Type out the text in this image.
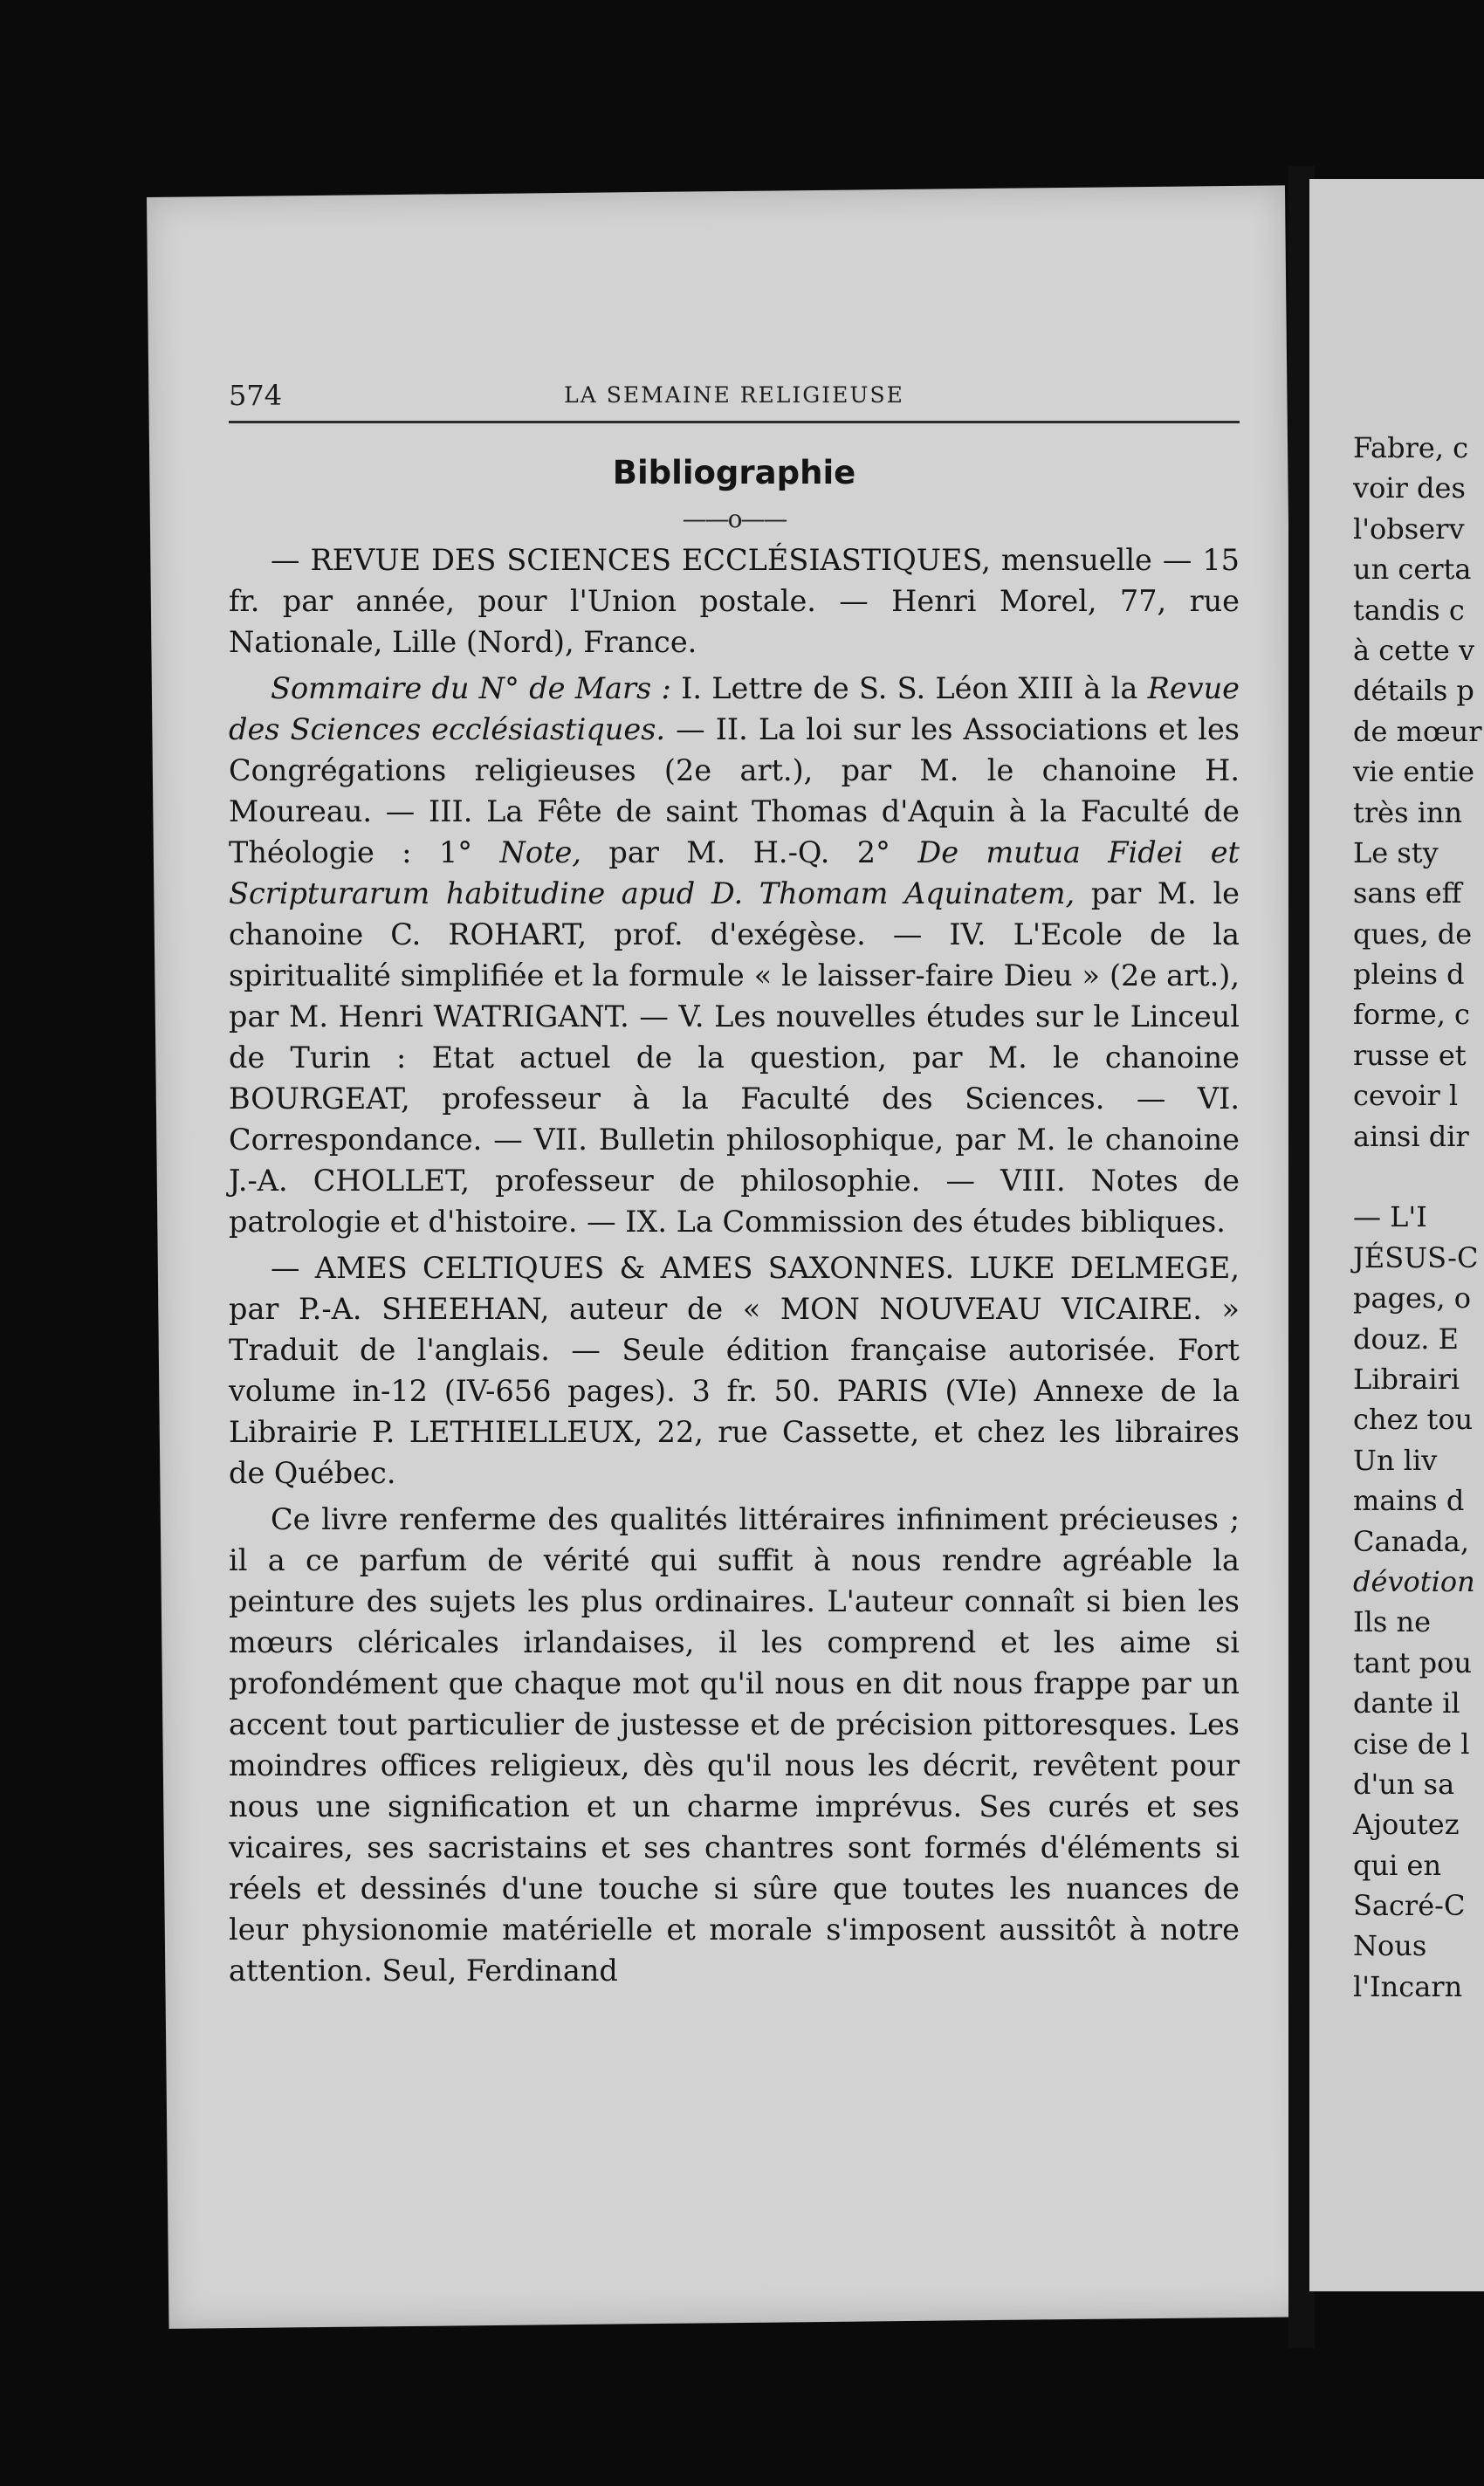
574	LA SEMAINE RELIGIEUSE
Bibliographie
——o——

— REVUE DES SCIENCES ECCLÉSIASTIQUES, mensuelle — 15 fr. par année, pour l'Union postale. — Henri Morel, 77, rue Nationale, Lille (Nord), France.

Sommaire du N° de Mars : I. Lettre de S. S. Léon XIII à la Revue des Sciences ecclésiastiques. — II. La loi sur les Associations et les Congrégations religieuses (2e art.), par M. le chanoine H. Moureau. — III. La Fête de saint Thomas d'Aquin à la Faculté de Théologie : 1° Note, par M. H.-Q. 2° De mutua Fidei et Scripturarum habitudine apud D. Thomam Aquinatem, par M. le chanoine C. ROHART, prof. d'exégèse. — IV. L'Ecole de la spiritualité simplifiée et la formule « le laisser-faire Dieu » (2e art.), par M. Henri WATRIGANT. — V. Les nouvelles études sur le Linceul de Turin : Etat actuel de la question, par M. le chanoine BOURGEAT, professeur à la Faculté des Sciences. — VI. Correspondance. — VII. Bulletin philosophique, par M. le chanoine J.-A. CHOLLET, professeur de philosophie. — VIII. Notes de patrologie et d'histoire. — IX. La Commission des études bibliques.

— AMES CELTIQUES & AMES SAXONNES. LUKE DELMEGE, par P.-A. SHEEHAN, auteur de « MON NOUVEAU VICAIRE. » Traduit de l'anglais. — Seule édition française autorisée. Fort volume in-12 (IV-656 pages). 3 fr. 50. PARIS (VIe) Annexe de la Librairie P. LETHIELLEUX, 22, rue Cassette, et chez les libraires de Québec.

Ce livre renferme des qualités littéraires infiniment précieuses ; il a ce parfum de vérité qui suffit à nous rendre agréable la peinture des sujets les plus ordinaires. L'auteur connaît si bien les mœurs cléricales irlandaises, il les comprend et les aime si profondément que chaque mot qu'il nous en dit nous frappe par un accent tout particulier de justesse et de précision pittoresques. Les moindres offices religieux, dès qu'il nous les décrit, revêtent pour nous une signification et un charme imprévus. Ses curés et ses vicaires, ses sacristains et ses chantres sont formés d'éléments si réels et dessinés d'une touche si sûre que toutes les nuances de leur physionomie matérielle et morale s'imposent aussitôt à notre attention. Seul, Ferdinand

Fabre, c
voir des
l'observ
un certa
tandis c
à cette v
détails p
de mœur
vie entie
très inn
Le sty
sans eff
ques, de
pleins d
forme, c
russe et
cevoir l
ainsi dir
— L'I
JÉSUS-C
pages, o
douz. E
Librairi
chez tou
Un liv
mains d
Canada,
dévotion
Ils ne
tant pou
dante il
cise de l
d'un sa
Ajoutez
qui en
Sacré-C
Nous
l'Incarn
